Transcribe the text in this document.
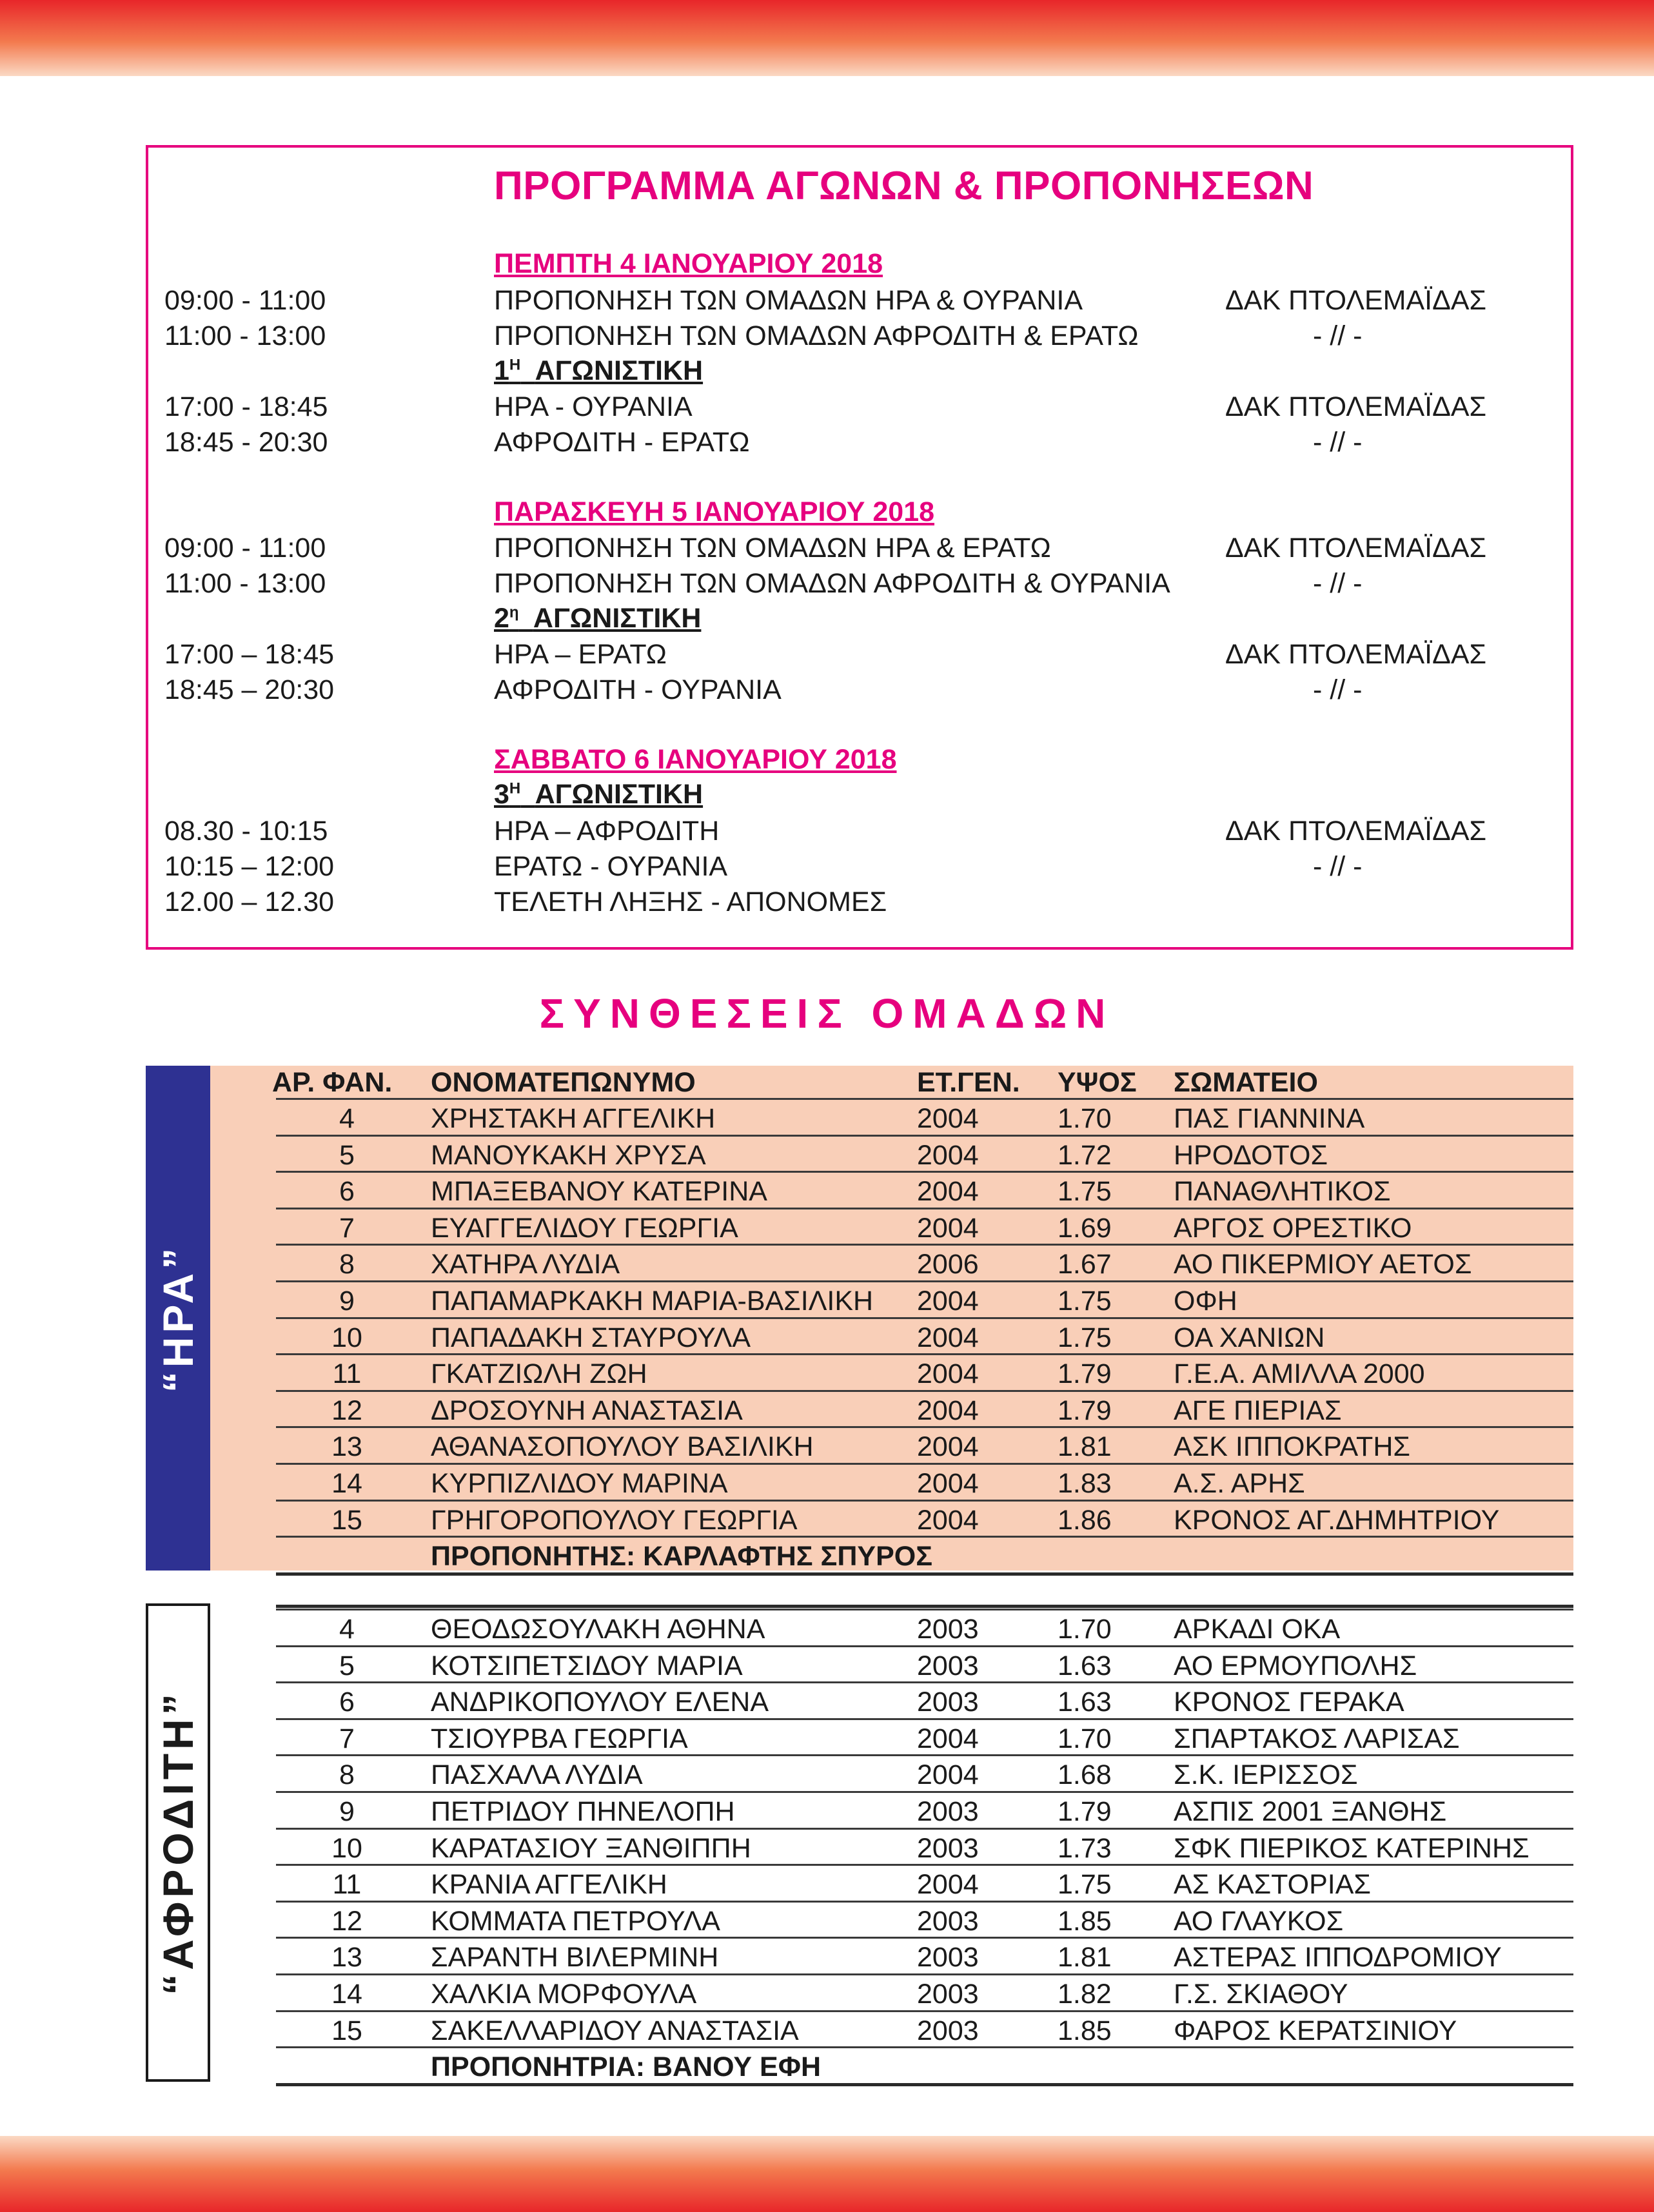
ΠΡΟΓΡΑΜΜΑ ΑΓΩΝΩΝ & ΠΡΟΠΟΝΗΣΕΩΝ
ΠΕΜΠΤΗ 4 ΙΑΝΟΥΑΡΙΟΥ 2018
09:00 - 11:00	ΠΡΟΠΟΝΗΣΗ ΤΩΝ ΟΜΑΔΩΝ ΗΡΑ & ΟΥΡΑΝΙΑ	ΔΑΚ ΠΤΟΛΕΜΑΪΔΑΣ
11:00 - 13:00	ΠΡΟΠΟΝΗΣΗ ΤΩΝ ΟΜΑΔΩΝ ΑΦΡΟΔΙΤΗ & ΕΡΑΤΩ	- // -
$1^H$ ΑΓΩΝΙΣΤΙΚΗ
17:00 - 18:45	ΗΡΑ - ΟΥΡΑΝΙΑ	ΔΑΚ ΠΤΟΛΕΜΑΪΔΑΣ
18:45 - 20:30	ΑΦΡΟΔΙΤΗ - ΕΡΑΤΩ	- // -
ΠΑΡΑΣΚΕΥΗ 5 ΙΑΝΟΥΑΡΙΟΥ 2018
09:00 - 11:00	ΠΡΟΠΟΝΗΣΗ ΤΩΝ ΟΜΑΔΩΝ ΗΡΑ & ΕΡΑΤΩ	ΔΑΚ ΠΤΟΛΕΜΑΪΔΑΣ
11:00 - 13:00	ΠΡΟΠΟΝΗΣΗ ΤΩΝ ΟΜΑΔΩΝ ΑΦΡΟΔΙΤΗ & ΟΥΡΑΝΙΑ	- // -
$2^\eta$ ΑΓΩΝΙΣΤΙΚΗ
17:00 – 18:45	ΗΡΑ – ΕΡΑΤΩ	ΔΑΚ ΠΤΟΛΕΜΑΪΔΑΣ
18:45 – 20:30	ΑΦΡΟΔΙΤΗ - ΟΥΡΑΝΙΑ	- // -
ΣΑΒΒΑΤΟ 6 ΙΑΝΟΥΑΡΙΟΥ 2018
$3^H$ ΑΓΩΝΙΣΤΙΚΗ
08.30 - 10:15	ΗΡΑ – ΑΦΡΟΔΙΤΗ	ΔΑΚ ΠΤΟΛΕΜΑΪΔΑΣ
10:15 – 12:00	ΕΡΑΤΩ - ΟΥΡΑΝΙΑ	- // -
12.00 – 12.30	ΤΕΛΕΤΗ ΛΗΞΗΣ - ΑΠΟΝΟΜΕΣ
ΣΥΝΘΕΣΕΙΣ ΟΜΑΔΩΝ
“ΗΡΑ”
“ΑΦΡΟΔΙΤΗ”
ΑΡ. ΦΑΝ.	ΟΝΟΜΑΤΕΠΩΝΥΜΟ	ΕΤ.ΓΕΝ. ΥΨΟΣ ΣΩΜΑΤΕΙΟ
4	ΧΡΗΣΤΑΚΗ ΑΓΓΕΛΙΚΗ	2004	1.70 ΠΑΣ ΓΙΑΝΝΙΝΑ
5	ΜΑΝΟΥΚΑΚΗ ΧΡΥΣΑ	2004	1.72 ΗΡΟΔΟΤΟΣ
6	ΜΠΑΞΕΒΑΝΟΥ ΚΑΤΕΡΙΝΑ	2004	1.75 ΠΑΝΑΘΛΗΤΙΚΟΣ
7	ΕΥΑΓΓΕΛΙΔΟΥ ΓΕΩΡΓΙΑ	2004	1.69 ΑΡΓΟΣ ΟΡΕΣΤΙΚΟ
8	ΧΑΤΗΡΑ ΛΥΔΙΑ	2006	1.67 ΑΟ ΠΙΚΕΡΜΙΟΥ ΑΕΤΟΣ
9	ΠΑΠΑΜΑΡΚΑΚΗ ΜΑΡΙΑ-ΒΑΣΙΛΙΚΗ 2004	1.75 ΟΦΗ
10	ΠΑΠΑΔΑΚΗ ΣΤΑΥΡΟΥΛΑ	2004	1.75 ΟΑ ΧΑΝΙΩΝ
11	ΓΚΑΤΖΙΩΛΗ ΖΩΗ	2004	1.79 Γ.Ε.Α. ΑΜΙΛΛΑ 2000
12	ΔΡΟΣΟΥΝΗ ΑΝΑΣΤΑΣΙΑ	2004	1.79 ΑΓΕ ΠΙΕΡΙΑΣ
13	ΑΘΑΝΑΣΟΠΟΥΛΟΥ ΒΑΣΙΛΙΚΗ	2004	1.81 ΑΣΚ ΙΠΠΟΚΡΑΤΗΣ
14	ΚΥΡΠΙΖΛΙΔΟΥ ΜΑΡΙΝΑ	2004	1.83 Α.Σ. ΑΡΗΣ
15	ΓΡΗΓΟΡΟΠΟΥΛΟΥ ΓΕΩΡΓΙΑ	2004	1.86 ΚΡΟΝΟΣ ΑΓ.ΔΗΜΗΤΡΙΟΥ
ΠΡΟΠΟΝΗΤΗΣ: ΚΑΡΛΑΦΤΗΣ ΣΠΥΡΟΣ
4	ΘΕΟΔΩΣΟΥΛΑΚΗ ΑΘΗΝΑ	2003	1.70 ΑΡΚΑΔΙ ΟΚΑ
5	ΚΟΤΣΙΠΕΤΣΙΔΟΥ ΜΑΡΙΑ	2003	1.63 ΑΟ ΕΡΜΟΥΠΟΛΗΣ
6	ΑΝΔΡΙΚΟΠΟΥΛΟΥ ΕΛΕΝΑ	2003	1.63 ΚΡΟΝΟΣ ΓΕΡΑΚΑ
7	ΤΣΙΟΥΡΒΑ ΓΕΩΡΓΙΑ	2004	1.70 ΣΠΑΡΤΑΚΟΣ ΛΑΡΙΣΑΣ
8	ΠΑΣΧΑΛΑ ΛΥΔΙΑ	2004	1.68 Σ.Κ. ΙΕΡΙΣΣΟΣ
9	ΠΕΤΡΙΔΟΥ ΠΗΝΕΛΟΠΗ	2003	1.79 ΑΣΠΙΣ 2001 ΞΑΝΘΗΣ
10	ΚΑΡΑΤΑΣΙΟΥ ΞΑΝΘΙΠΠΗ	2003	1.73 ΣΦΚ ΠΙΕΡΙΚΟΣ ΚΑΤΕΡΙΝΗΣ
11	ΚΡΑΝΙΑ ΑΓΓΕΛΙΚΗ	2004	1.75 ΑΣ ΚΑΣΤΟΡΙΑΣ
12	ΚΟΜΜΑΤΑ ΠΕΤΡΟΥΛΑ	2003	1.85 ΑΟ ΓΛΑΥΚΟΣ
13	ΣΑΡΑΝΤΗ ΒΙΛΕΡΜΙΝΗ	2003	1.81 ΑΣΤΕΡΑΣ ΙΠΠΟΔΡΟΜΙΟΥ
14	ΧΑΛΚΙΑ ΜΟΡΦΟΥΛΑ	2003	1.82 Γ.Σ. ΣΚΙΑΘΟΥ
15	ΣΑΚΕΛΛΑΡΙΔΟΥ ΑΝΑΣΤΑΣΙΑ	2003	1.85 ΦΑΡΟΣ ΚΕΡΑΤΣΙΝΙΟΥ
ΠΡΟΠΟΝΗΤΡΙΑ: ΒΑΝΟΥ ΕΦΗ
